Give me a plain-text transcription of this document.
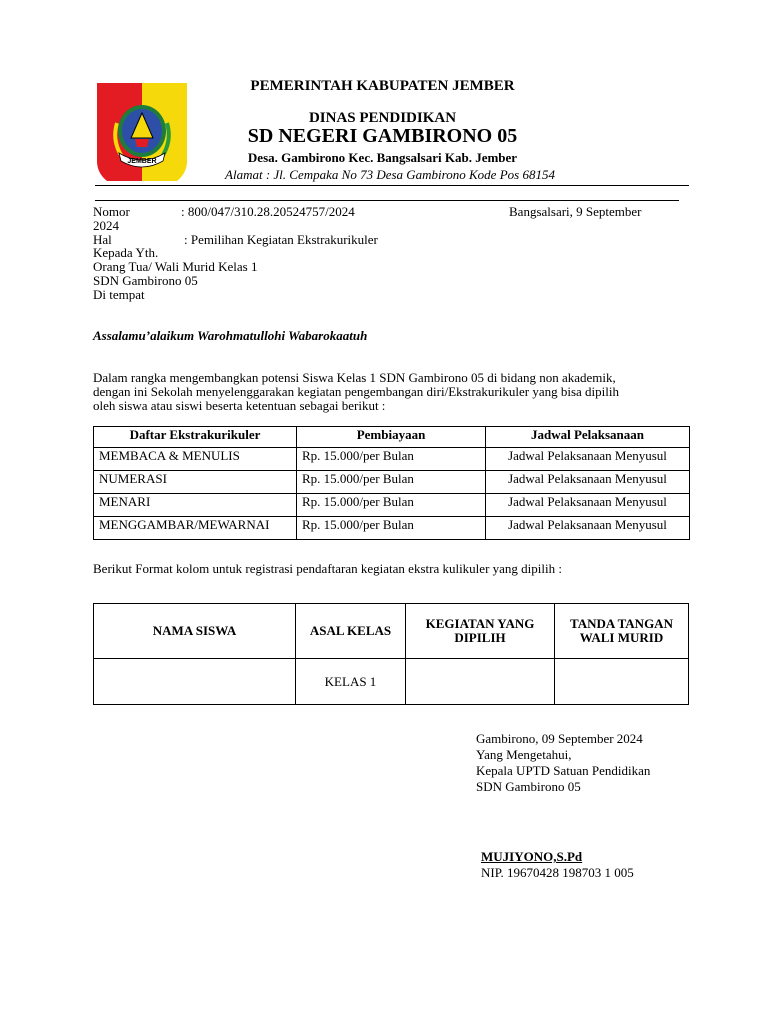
JEMBER
PEMERINTAH KABUPATEN JEMBER
DINAS PENDIDIKAN
SD NEGERI GAMBIRONO 05
Desa. Gambirono Kec. Bangsalsari Kab. Jember
Alamat : Jl. Cempaka No 73 Desa Gambirono Kode Pos 68154
Nomor	: 800/047/310.28.20524757/2024	Bangsalsari, 9 September
2024
Hal	: Pemilihan Kegiatan Ekstrakurikuler
Kepada Yth.
Orang Tua/ Wali Murid Kelas 1
SDN Gambirono 05
Di tempat
Assalamu’alaikum Warohmatullohi Wabarokaatuh
Dalam rangka mengembangkan potensi Siswa Kelas 1 SDN Gambirono 05 di bidang non akademik,
dengan ini Sekolah menyelenggarakan kegiatan pengembangan diri/Ekstrakurikuler yang bisa dipilih
oleh siswa atau siswi beserta ketentuan sebagai berikut :
Daftar Ekstrakurikuler	Pembiayaan	Jadwal Pelaksanaan
MEMBACA & MENULIS	Rp. 15.000/per Bulan	Jadwal Pelaksanaan Menyusul
NUMERASI	Rp. 15.000/per Bulan	Jadwal Pelaksanaan Menyusul
MENARI	Rp. 15.000/per Bulan	Jadwal Pelaksanaan Menyusul
MENGGAMBAR/MEWARNAI	Rp. 15.000/per Bulan	Jadwal Pelaksanaan Menyusul
Berikut Format kolom untuk registrasi pendaftaran kegiatan ekstra kulikuler yang dipilih :
NAMA SISWA	ASAL KELAS	KEGIATAN YANG DIPILIH	TANDA TANGAN WALI MURID
	KELAS 1		
Gambirono, 09 September 2024
Yang Mengetahui,
Kepala UPTD Satuan Pendidikan
SDN Gambirono 05
MUJIYONO,S.Pd
NIP. 19670428 198703 1 005
